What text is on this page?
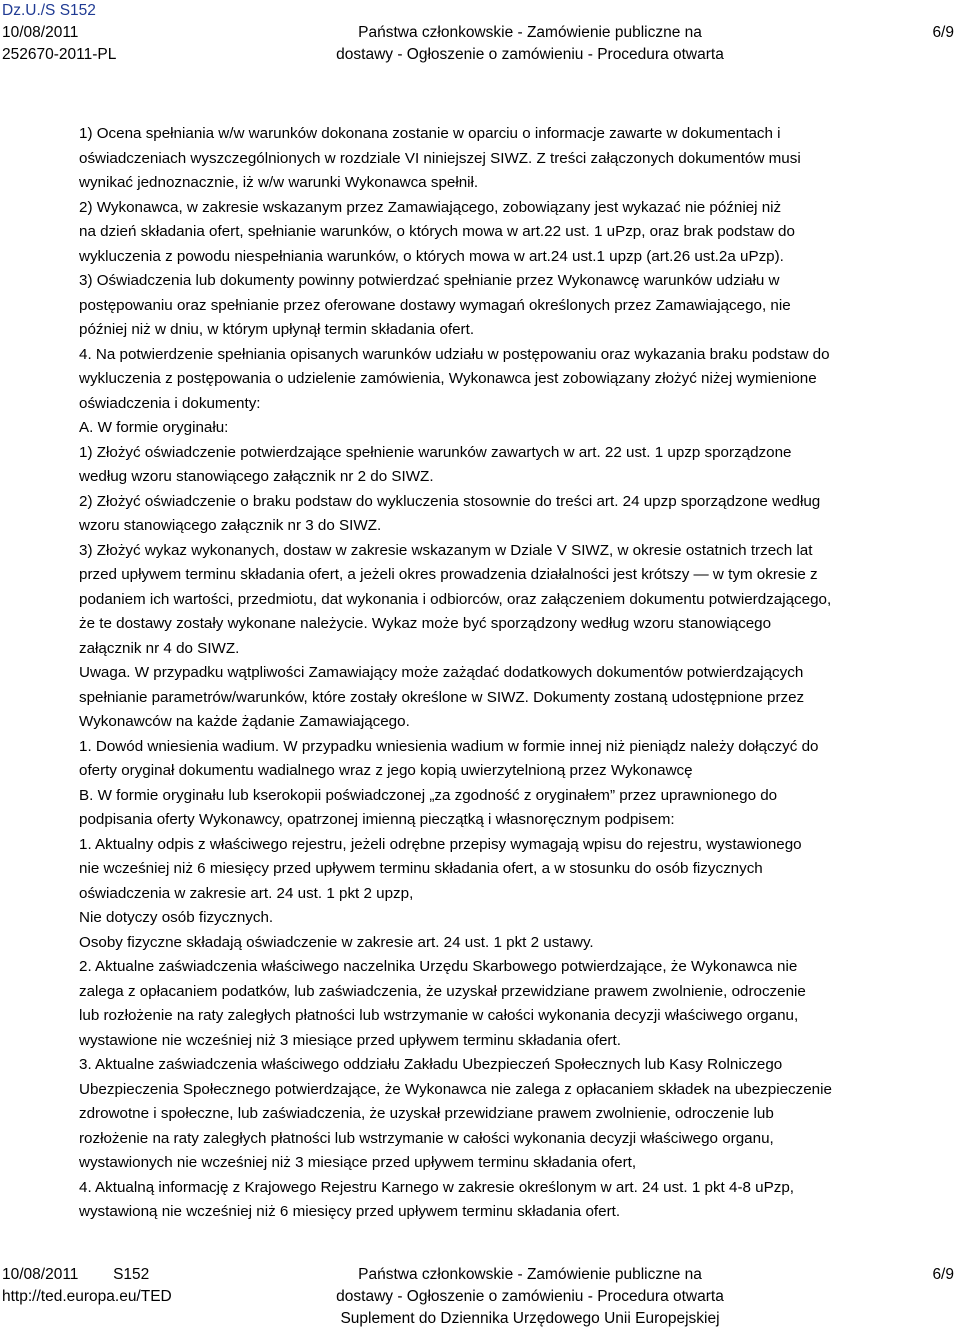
Dz.U./S S152
10/08/2011
252670-2011-PL
Państwa członkowskie - Zamówienie publiczne na
dostawy - Ogłoszenie o zamówieniu - Procedura otwarta
6/9

1) Ocena spełniania w/w warunków dokonana zostanie w oparciu o informacje zawarte w dokumentach i

oświadczeniach wyszczególnionych w rozdziale VI niniejszej SIWZ. Z treści załączonych dokumentów musi

wynikać jednoznacznie, iż w/w warunki Wykonawca spełnił.

2) Wykonawca, w zakresie wskazanym przez Zamawiającego, zobowiązany jest wykazać nie później niż

na dzień składania ofert, spełnianie warunków, o których mowa w art.22 ust. 1 uPzp, oraz brak podstaw do

wykluczenia z powodu niespełniania warunków, o których mowa w art.24 ust.1 upzp (art.26 ust.2a uPzp).

3) Oświadczenia lub dokumenty powinny potwierdzać spełnianie przez Wykonawcę warunków udziału w

postępowaniu oraz spełnianie przez oferowane dostawy wymagań określonych przez Zamawiającego, nie

później niż w dniu, w którym upłynął termin składania ofert.

4. Na potwierdzenie spełniania opisanych warunków udziału w postępowaniu oraz wykazania braku podstaw do

wykluczenia z postępowania o udzielenie zamówienia, Wykonawca jest zobowiązany złożyć niżej wymienione

oświadczenia i dokumenty:

A. W formie oryginału:

1) Złożyć oświadczenie potwierdzające spełnienie warunków zawartych w art. 22 ust. 1 upzp sporządzone

według wzoru stanowiącego załącznik nr 2 do SIWZ.

2) Złożyć oświadczenie o braku podstaw do wykluczenia stosownie do treści art. 24 upzp sporządzone według

wzoru stanowiącego załącznik nr 3 do SIWZ.

3) Złożyć wykaz wykonanych, dostaw w zakresie wskazanym w Dziale V SIWZ, w okresie ostatnich trzech lat

przed upływem terminu składania ofert, a jeżeli okres prowadzenia działalności jest krótszy — w tym okresie z

podaniem ich wartości, przedmiotu, dat wykonania i odbiorców, oraz załączeniem dokumentu potwierdzającego,

że te dostawy zostały wykonane należycie. Wykaz może być sporządzony według wzoru stanowiącego

załącznik nr 4 do SIWZ.

Uwaga. W przypadku wątpliwości Zamawiający może zażądać dodatkowych dokumentów potwierdzających

spełnianie parametrów/warunków, które zostały określone w SIWZ. Dokumenty zostaną udostępnione przez

Wykonawców na każde żądanie Zamawiającego.

1. Dowód wniesienia wadium. W przypadku wniesienia wadium w formie innej niż pieniądz należy dołączyć do

oferty oryginał dokumentu wadialnego wraz z jego kopią uwierzytelnioną przez Wykonawcę

B. W formie oryginału lub kserokopii poświadczonej „za zgodność z oryginałem” przez uprawnionego do

podpisania oferty Wykonawcy, opatrzonej imienną pieczątką i własnoręcznym podpisem:

1. Aktualny odpis z właściwego rejestru, jeżeli odrębne przepisy wymagają wpisu do rejestru, wystawionego

nie wcześniej niż 6 miesięcy przed upływem terminu składania ofert, a w stosunku do osób fizycznych

oświadczenia w zakresie art. 24 ust. 1 pkt 2 upzp,

Nie dotyczy osób fizycznych.

Osoby fizyczne składają oświadczenie w zakresie art. 24 ust. 1 pkt 2 ustawy.

2. Aktualne zaświadczenia właściwego naczelnika Urzędu Skarbowego potwierdzające, że Wykonawca nie

zalega z opłacaniem podatków, lub zaświadczenia, że uzyskał przewidziane prawem zwolnienie, odroczenie

lub rozłożenie na raty zaległych płatności lub wstrzymanie w całości wykonania decyzji właściwego organu,

wystawione nie wcześniej niż 3 miesiące przed upływem terminu składania ofert.

3. Aktualne zaświadczenia właściwego oddziału Zakładu Ubezpieczeń Społecznych lub Kasy Rolniczego

Ubezpieczenia Społecznego potwierdzające, że Wykonawca nie zalega z opłacaniem składek na ubezpieczenie

zdrowotne i społeczne, lub zaświadczenia, że uzyskał przewidziane prawem zwolnienie, odroczenie lub

rozłożenie na raty zaległych płatności lub wstrzymanie w całości wykonania decyzji właściwego organu,

wystawionych nie wcześniej niż 3 miesiące przed upływem terminu składania ofert,

4. Aktualną informację z Krajowego Rejestru Karnego w zakresie określonym w art. 24 ust. 1 pkt 4-8 uPzp,

wystawioną nie wcześniej niż 6 miesięcy przed upływem terminu składania ofert.

10/08/2011 S152
http://ted.europa.eu/TED
Państwa członkowskie - Zamówienie publiczne na
dostawy - Ogłoszenie o zamówieniu - Procedura otwarta
Suplement do Dziennika Urzędowego Unii Europejskiej
6/9
